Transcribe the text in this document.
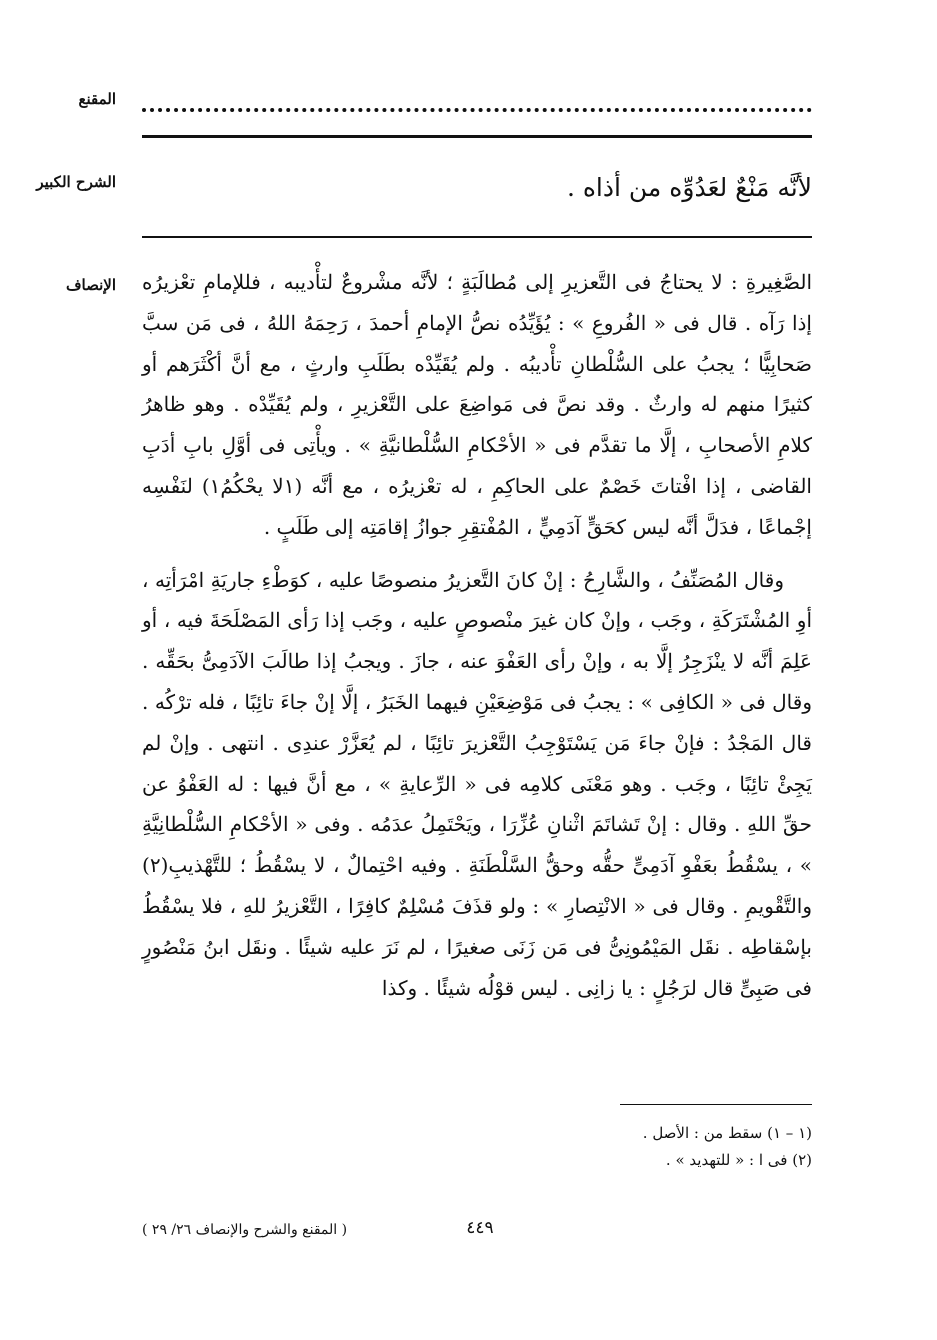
المقنع
الشرح الكبير	لأنَّه مَنْعٌ لعَدُوِّه من أذاه .
الإنصاف الصَّغِيرةِ : لا يحتاجُ فى التَّعزيرِ إلى مُطالَبَةٍ ؛ لأنَّه مشْروعٌ لتأْديبه ، فللإمامِ تعْزيرُه إذا رَآه . قال فى « الفُروعِ » : يُؤَيِّدُه نصُّ الإمامِ أحمدَ ، رَحِمَهُ اللهُ ، فى مَن سبَّ صَحابِيًّا ؛ يجبُ على السُّلْطانِ تأْديبُه . ولم يُقَيِّدْه بطَلَبِ وارثٍ ، مع أنَّ أكْثَرَهم أو كثيرًا منهم له وارثٌ . وقد نصَّ فى مَواضِعَ على التَّعْزيرِ ، ولم يُقَيِّدْه . وهو ظاهرُ كلامِ الأصحابِ ، إلَّا ما تقدَّم فى « الأحْكامِ السُّلْطانيَّةِ » . ويأْتِى فى أوَّلِ بابِ أدَبِ القاضى ، إذا افْتاتَ خَصْمٌ على الحاكِمِ ، له تعْزيرُه ، مع أنَّه (١لا يحْكُمُ١) لنَفْسِه إجْماعًا ، فدَلَّ أنَّه ليس كحَقٍّ آدَمِيٍّ ، المُفْتقِرِ جوازُ إقامَتِه إلى طَلَبٍ .

وقال المُصَنِّفُ ، والشَّارِحُ : إنْ كانَ التَّعزيرُ منصوصًا عليه ، كوَطْءِ جاريَةِ امْرَأتِه ، أوِ المُشْتَرَكَةِ ، وجَب ، وإنْ كان غيرَ منْصوصٍ عليه ، وجَب إذا رَأى المَصْلَحَةَ فيه ، أو عَلِمَ أنَّه لا ينْزَجِرُ إلَّا به ، وإنْ رأى العَفْوَ عنه ، جازَ . ويجبُ إذا طالَبَ الآدَمِىُّ بحَقِّه . وقال فى « الكافِى » : يجبُ فى مَوْضِعَيْنِ فيهما الخَبَرُ ، إلَّا إنْ جاءَ تائِبًا ، فله ترْكُه . قال المَجْدُ : فإنْ جاءَ مَن يَسْتَوْجِبُ التَّعْزيرَ تائِبًا ، لم يُعَزَّرْ عندِى . انتهى . وإنْ لم يَجِئْ تائِبًا ، وجَب . وهو مَعْنَى كلامِه فى « الرِّعايةِ » ، مع أنَّ فيها : له العَفْوُ عن حقِّ اللهِ . وقال : إنْ تَشاتَمَ اثْنانِ عُزِّرَا ، ويَحْتَمِلُ عدَمُه . وفى « الأحْكامِ السُّلْطانِيَّةِ » ، يسْقُطُ بعَفْوِ آدَمِىٍّ حقُّه وحقُّ السَّلْطَنَةِ . وفيه احْتِمالٌ ، لا يسْقُطُ ؛ للتَّهْذيبِ(٢) والتَّقْويمِ . وقال فى « الانْتِصارِ » : ولو قذَفَ مُسْلِمٌ كافِرًا ، التَّعْزيرُ للهِ ، فلا يسْقُطُ بإسْقاطِه . نقَل المَيْمُونِىُّ فى مَن زَنَى صغيرًا ، لم نَرَ عليه شيئًا . ونقَل ابنُ مَنْصُورٍ فى صَبِىٍّ قال لرَجُلٍ : يا زانِى . ليس قوْلُه شيئًا . وكذا

(١ – ١) سقط من : الأصل .
(٢) فى ا : « للتهديد » .
٤٤٩
( المقنع والشرح والإنصاف ٢٦/ ٢٩ )
